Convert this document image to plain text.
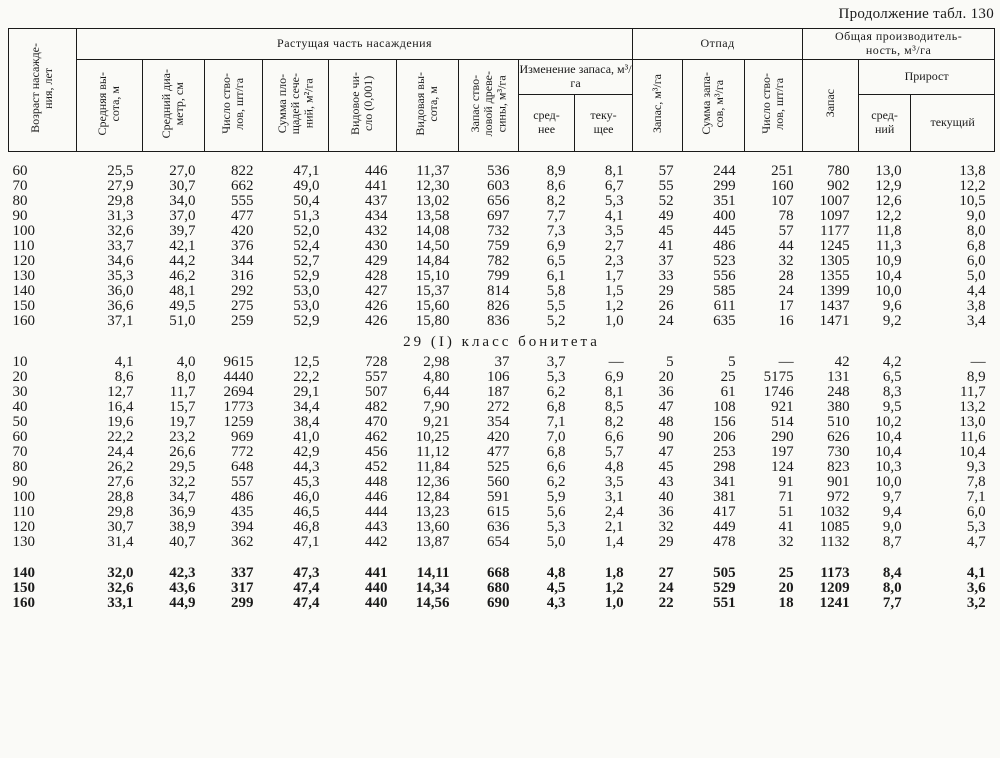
Продолжение табл. 130
Возраст насажде-
ния, лет	Растущая часть насаждения									Отпад			Общая производитель-
ность, м³/га		
	Средняя вы-
сота, м	Средний диа-
метр, см	Число ство-
лов, шт/га	Сумма пло-
щадей сече-
ний, м²/га	Видовое чи-
сло (0,001)	Видовая вы-
сота, м	Запас ство-
ловой древе-
сины, м³/га	Изменение запаса, м³/га		Запас, м³/га	Сумма запа-
сов, м³/га	Число ство-
лов, шт/га	Запас	Прирост	
								сред-
нее	теку-
щее					сред-
ний	текущий
60	25,5	27,0	822	47,1	446	11,37	536	8,9	8,1	57	244	251	780	13,0	13,8
70	27,9	30,7	662	49,0	441	12,30	603	8,6	6,7	55	299	160	902	12,9	12,2
80	29,8	34,0	555	50,4	437	13,02	656	8,2	5,3	52	351	107	1007	12,6	10,5
90	31,3	37,0	477	51,3	434	13,58	697	7,7	4,1	49	400	78	1097	12,2	9,0
100	32,6	39,7	420	52,0	432	14,08	732	7,3	3,5	45	445	57	1177	11,8	8,0
110	33,7	42,1	376	52,4	430	14,50	759	6,9	2,7	41	486	44	1245	11,3	6,8
120	34,6	44,2	344	52,7	429	14,84	782	6,5	2,3	37	523	32	1305	10,9	6,0
130	35,3	46,2	316	52,9	428	15,10	799	6,1	1,7	33	556	28	1355	10,4	5,0
140	36,0	48,1	292	53,0	427	15,37	814	5,8	1,5	29	585	24	1399	10,0	4,4
150	36,6	49,5	275	53,0	426	15,60	826	5,5	1,2	26	611	17	1437	9,6	3,8
160	37,1	51,0	259	52,9	426	15,80	836	5,2	1,0	24	635	16	1471	9,2	3,4
29 (I) класс бонитета															
10	4,1	4,0	9615	12,5	728	2,98	37	3,7	—	5	5	—	42	4,2	—
20	8,6	8,0	4440	22,2	557	4,80	106	5,3	6,9	20	25	5175	131	6,5	8,9
30	12,7	11,7	2694	29,1	507	6,44	187	6,2	8,1	36	61	1746	248	8,3	11,7
40	16,4	15,7	1773	34,4	482	7,90	272	6,8	8,5	47	108	921	380	9,5	13,2
50	19,6	19,7	1259	38,4	470	9,21	354	7,1	8,2	48	156	514	510	10,2	13,0
60	22,2	23,2	969	41,0	462	10,25	420	7,0	6,6	90	206	290	626	10,4	11,6
70	24,4	26,6	772	42,9	456	11,12	477	6,8	5,7	47	253	197	730	10,4	10,4
80	26,2	29,5	648	44,3	452	11,84	525	6,6	4,8	45	298	124	823	10,3	9,3
90	27,6	32,2	557	45,3	448	12,36	560	6,2	3,5	43	341	91	901	10,0	7,8
100	28,8	34,7	486	46,0	446	12,84	591	5,9	3,1	40	381	71	972	9,7	7,1
110	29,8	36,9	435	46,5	444	13,23	615	5,6	2,4	36	417	51	1032	9,4	6,0
120	30,7	38,9	394	46,8	443	13,60	636	5,3	2,1	32	449	41	1085	9,0	5,3
130	31,4	40,7	362	47,1	442	13,87	654	5,0	1,4	29	478	32	1132	8,7	4,7

140	32,0	42,3	337	47,3	441	14,11	668	4,8	1,8	27	505	25	1173	8,4	4,1
150	32,6	43,6	317	47,4	440	14,34	680	4,5	1,2	24	529	20	1209	8,0	3,6
160	33,1	44,9	299	47,4	440	14,56	690	4,3	1,0	22	551	18	1241	7,7	3,2
